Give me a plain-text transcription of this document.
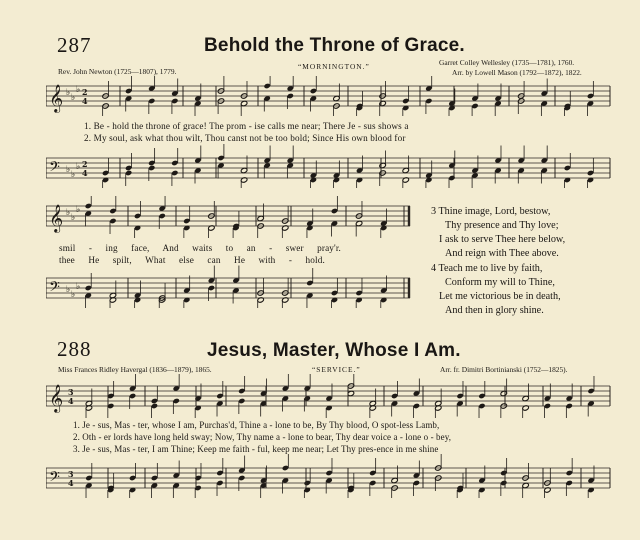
287	Behold the Throne of Grace.
Rev. John Newton (1725—1807), 1779.
“MORNINGTON.”	Garret Colley Wellesley (1735—1781), 1760.
Arr. by Lowell Mason (1792—1872), 1822.
𝄞 ♭ ♭
♭ 2
4
1. Be - hold the throne of grace! The prom - ise calls me near; There Je - sus shows a
2. My soul, ask what thou wilt, Thou canst not be too bold; Since His own blood for
𝄢 ♭ ♭
♭ 2
4
𝄞 ♭ ♭
♭
smil - ing face, And waits to an - swer pray'r.
thee He spilt, What else can He with - hold.
𝄢 ♭ ♭
♭
3 Thine image, Lord, bestow,
Thy presence and Thy love;
I ask to serve Thee here below,
And reign with Thee above.
4 Teach me to live by faith,
Conform my will to Thine,
Let me victorious be in death,
And then in glory shine.
288	Jesus, Master, Whose I Am.
Miss Frances Ridley Havergal (1836—1879), 1865.	“SERVICE.”	Arr. fr. Dimitri Bortinianski (1752—1825).
𝄞 3
4
1. Je - sus, Mas - ter, whose I am, Purchas'd, Thine a - lone to be, By Thy blood, O spot-less Lamb,
2. Oth - er lords have long held sway; Now, Thy name a - lone to bear, Thy dear voice a - lone o - bey,
3. Je - sus, Mas - ter, I am Thine; Keep me faith - ful, keep me near; Let Thy pres-ence in me shine
𝄢 3
4
